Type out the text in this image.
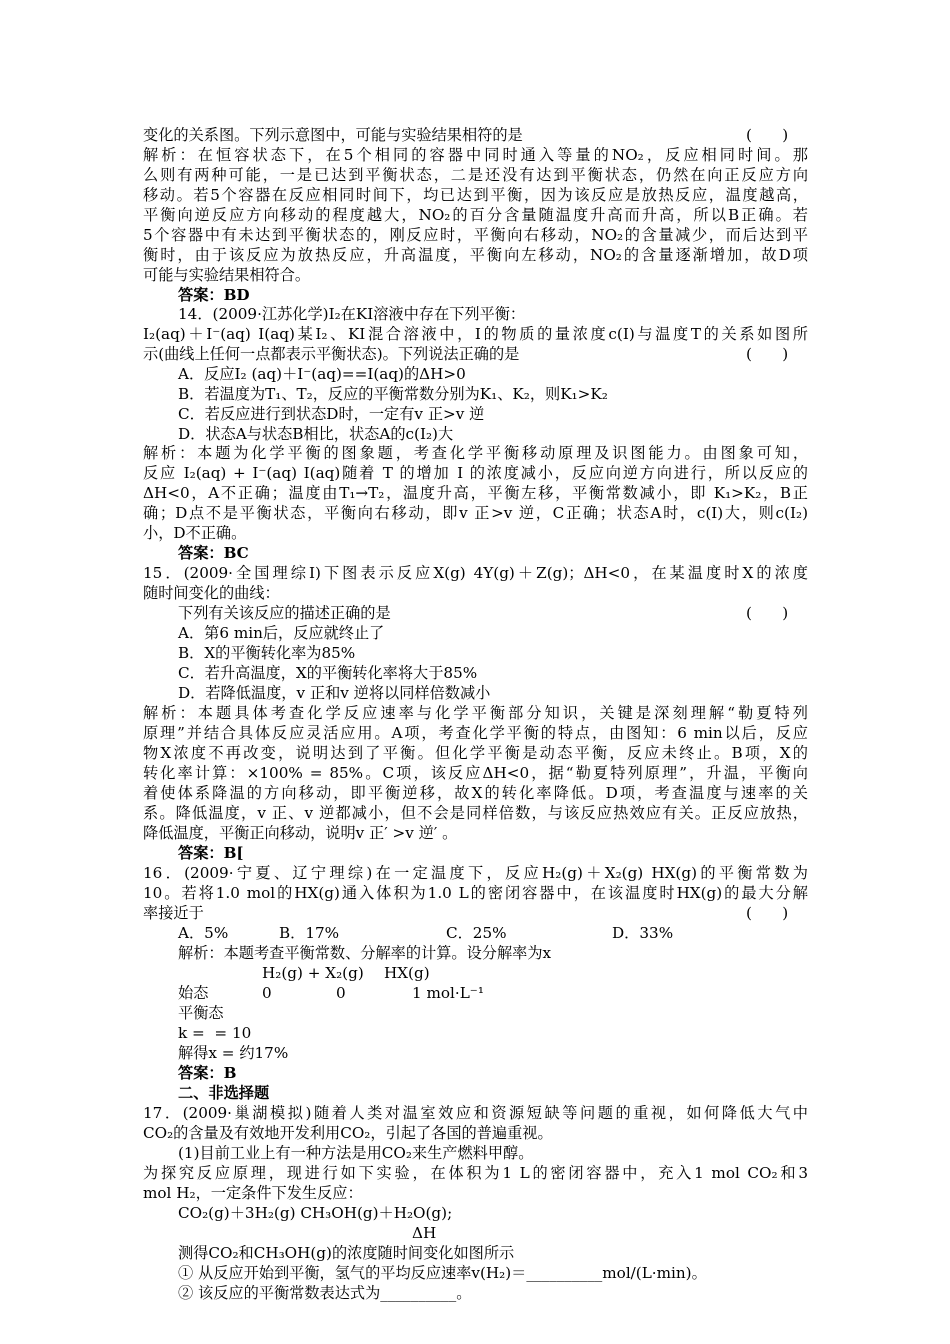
变化的关系图。下列示意图中，可能与实验结果相符的是	(　　)
解析：在恒容状态下，在5个相同的容器中同时通入等量的NO₂，反应相同时间。那
么则有两种可能，一是已达到平衡状态，二是还没有达到平衡状态，仍然在向正反应方向
移动。若5个容器在反应相同时间下，均已达到平衡，因为该反应是放热反应，温度越高，
平衡向逆反应方向移动的程度越大，NO₂的百分含量随温度升高而升高，所以B正确。若
5个容器中有未达到平衡状态的，刚反应时，平衡向右移动，NO₂的含量减少，而后达到平
衡时，由于该反应为放热反应，升高温度，平衡向左移动，NO₂的含量逐渐增加，故D项
可能与实验结果相符合。
答案：BD
14．(2009·江苏化学)I₂在KI溶液中存在下列平衡：
I₂(aq)＋I⁻(aq) I(aq)某I₂、KI混合溶液中，I的物质的量浓度c(I)与温度T的关系如图所
示(曲线上任何一点都表示平衡状态)。下列说法正确的是	(　　)
A．反应I₂ (aq)＋I⁻(aq)==I(aq)的ΔH>0
B．若温度为T₁、T₂，反应的平衡常数分别为K₁、K₂，则K₁>K₂
C．若反应进行到状态D时，一定有v 正>v 逆
D．状态A与状态B相比，状态A的c(I₂)大
解析：本题为化学平衡的图象题，考查化学平衡移动原理及识图能力。由图象可知，
反应 I₂(aq) + I⁻(aq) I(aq)随着 T 的增加 I 的浓度减小，反应向逆方向进行，所以反应的
ΔH<0，A不正确；温度由T₁→T₂，温度升高，平衡左移，平衡常数减小，即 K₁>K₂，B正
确；D点不是平衡状态，平衡向右移动，即v 正>v 逆，C正确；状态A时，c(I)大，则c(I₂)
小，D不正确。
答案：BC
15．(2009·全国理综I)下图表示反应X(g) 4Y(g)＋Z(g)；ΔH<0，在某温度时X的浓度
随时间变化的曲线：
下列有关该反应的描述正确的是	(　　)
A．第6 min后，反应就终止了
B．X的平衡转化率为85%
C．若升高温度，X的平衡转化率将大于85%
D．若降低温度，v 正和v 逆将以同样倍数减小
解析：本题具体考查化学反应速率与化学平衡部分知识，关键是深刻理解“勒夏特列
原理”并结合具体反应灵活应用。A项，考查化学平衡的特点，由图知：6 min以后，反应
物X浓度不再改变，说明达到了平衡。但化学平衡是动态平衡，反应未终止。B项，X的
转化率计算：×100% = 85%。C项，该反应ΔH<0，据“勒夏特列原理”，升温，平衡向
着使体系降温的方向移动，即平衡逆移，故X的转化率降低。D项，考查温度与速率的关
系。降低温度，v 正、v 逆都减小，但不会是同样倍数，与该反应热效应有关。正反应放热，
降低温度，平衡正向移动，说明v 正′ >v 逆′ 。
答案：B[
16．(2009·宁夏、辽宁理综)在一定温度下，反应H₂(g)＋X₂(g) HX(g)的平衡常数为
10。若将1.0 mol的HX(g)通入体积为1.0 L的密闭容器中，在该温度时HX(g)的最大分解
率接近于	(　　)
A．5%	B．17%	C．25%	D．33%
解析：本题考查平衡常数、分解率的计算。设分解率为x
H₂(g) + X₂(g) HX(g)
始态	0	0	1 mol·L⁻¹
平衡态
k =  = 10
解得x = 约17%
答案：B
二、非选择题
17．(2009·巢湖模拟)随着人类对温室效应和资源短缺等问题的重视，如何降低大气中
CO₂的含量及有效地开发利用CO₂，引起了各国的普遍重视。
(1)目前工业上有一种方法是用CO₂来生产燃料甲醇。
为探究反应原理，现进行如下实验，在体积为1 L的密闭容器中，充入1 mol CO₂和3
mol H₂，一定条件下发生反应：
CO₂(g)＋3H₂(g) CH₃OH(g)＋H₂O(g);
ΔH
测得CO₂和CH₃OH(g)的浓度随时间变化如图所示
① 从反应开始到平衡，氢气的平均反应速率v(H₂)＝__________mol/(L·min)。
② 该反应的平衡常数表达式为__________。
